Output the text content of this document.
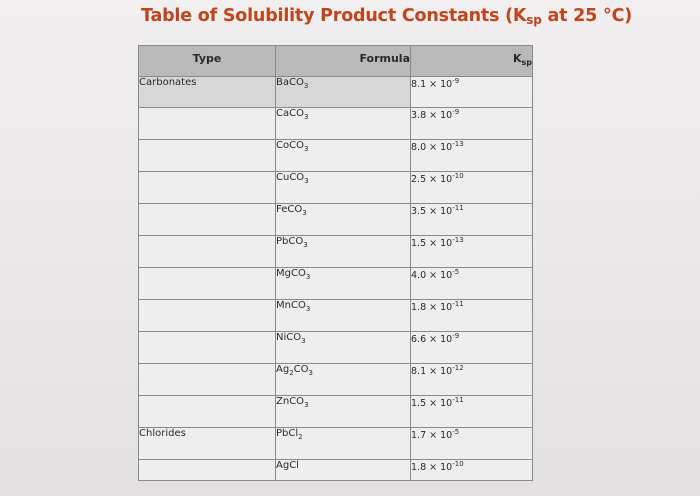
Table of Solubility Product Constants ($K_{sp}$ at 25 °C)
Type	Formula	$K_{sp}$
Carbonates	BaCO$_3$	$8.1 \times 10^{-9}$
	CaCO$_3$	$3.8 \times 10^{-9}$
	CoCO$_3$	$8.0 \times 10^{-13}$
	CuCO$_3$	$2.5 \times 10^{-10}$
	FeCO$_3$	$3.5 \times 10^{-11}$
	PbCO$_3$	$1.5 \times 10^{-13}$
	MgCO$_3$	$4.0 \times 10^{-5}$
	MnCO$_3$	$1.8 \times 10^{-11}$
	NiCO$_3$	$6.6 \times 10^{-9}$
	$Ag_2CO_3$	$8.1 \times 10^{-12}$
	ZnCO$_3$	$1.5 \times 10^{-11}$
Chlorides	PbCl$_2$	$1.7 \times 10^{-5}$
	AgCl	$1.8 \times 10^{-10}$
